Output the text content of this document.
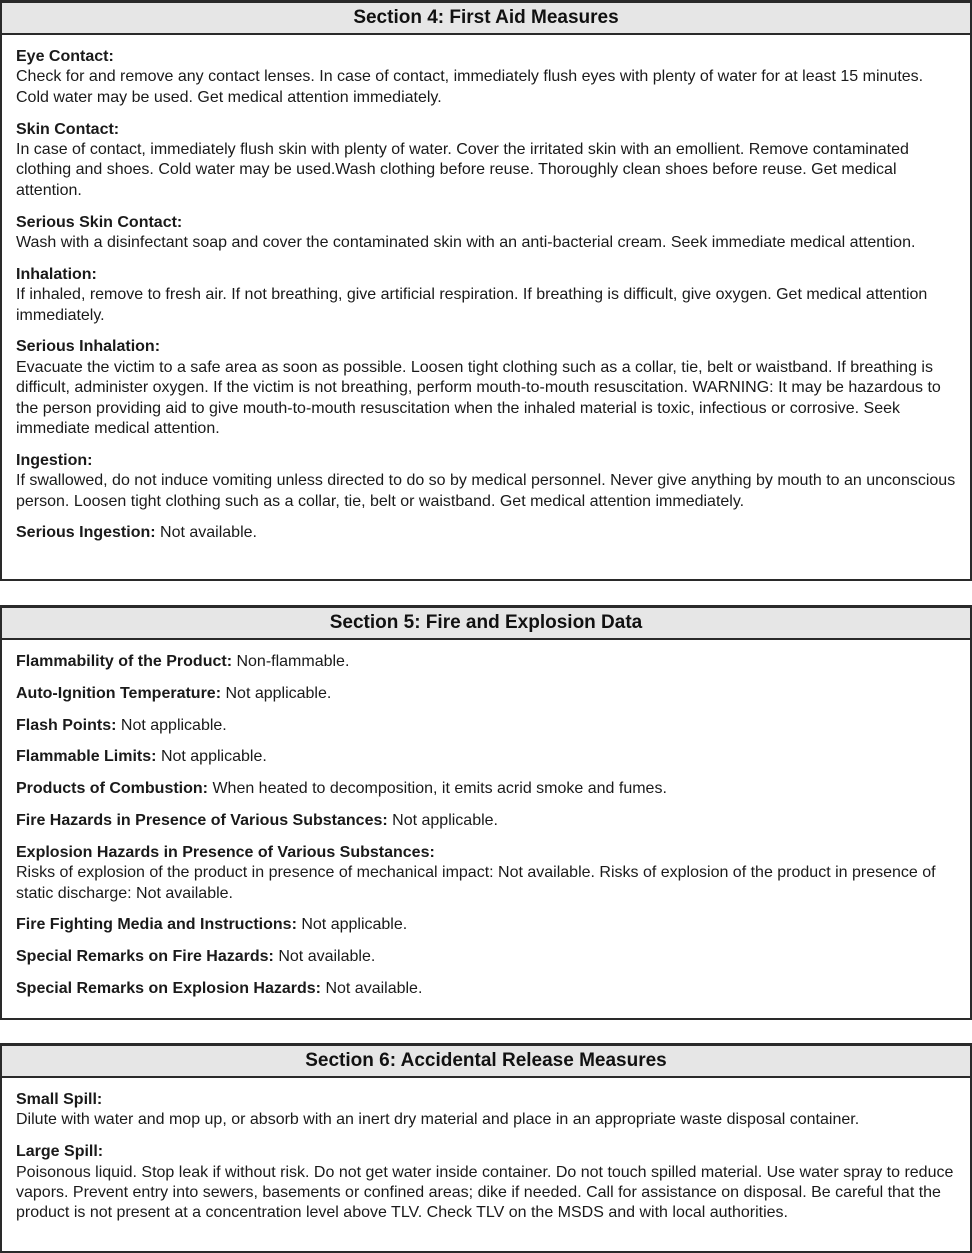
Section 4: First Aid Measures
Eye Contact:
Check for and remove any contact lenses. In case of contact, immediately flush eyes with plenty of water for at least 15 minutes. Cold water may be used. Get medical attention immediately.
Skin Contact:
In case of contact, immediately flush skin with plenty of water. Cover the irritated skin with an emollient. Remove contaminated clothing and shoes. Cold water may be used.Wash clothing before reuse. Thoroughly clean shoes before reuse. Get medical attention.
Serious Skin Contact:
Wash with a disinfectant soap and cover the contaminated skin with an anti-bacterial cream. Seek immediate medical attention.
Inhalation:
If inhaled, remove to fresh air. If not breathing, give artificial respiration. If breathing is difficult, give oxygen. Get medical attention immediately.
Serious Inhalation:
Evacuate the victim to a safe area as soon as possible. Loosen tight clothing such as a collar, tie, belt or waistband. If breathing is difficult, administer oxygen. If the victim is not breathing, perform mouth-to-mouth resuscitation. WARNING: It may be hazardous to the person providing aid to give mouth-to-mouth resuscitation when the inhaled material is toxic, infectious or corrosive. Seek immediate medical attention.
Ingestion:
If swallowed, do not induce vomiting unless directed to do so by medical personnel. Never give anything by mouth to an unconscious person. Loosen tight clothing such as a collar, tie, belt or waistband. Get medical attention immediately.
Serious Ingestion: Not available.
Section 5: Fire and Explosion Data
Flammability of the Product: Non-flammable.
Auto-Ignition Temperature: Not applicable.
Flash Points: Not applicable.
Flammable Limits: Not applicable.
Products of Combustion: When heated to decomposition, it emits acrid smoke and fumes.
Fire Hazards in Presence of Various Substances: Not applicable.
Explosion Hazards in Presence of Various Substances:
Risks of explosion of the product in presence of mechanical impact: Not available. Risks of explosion of the product in presence of static discharge: Not available.
Fire Fighting Media and Instructions: Not applicable.
Special Remarks on Fire Hazards: Not available.
Special Remarks on Explosion Hazards: Not available.
Section 6: Accidental Release Measures
Small Spill:
Dilute with water and mop up, or absorb with an inert dry material and place in an appropriate waste disposal container.
Large Spill:
Poisonous liquid. Stop leak if without risk. Do not get water inside container. Do not touch spilled material. Use water spray to reduce vapors. Prevent entry into sewers, basements or confined areas; dike if needed. Call for assistance on disposal. Be careful that the product is not present at a concentration level above TLV. Check TLV on the MSDS and with local authorities.
